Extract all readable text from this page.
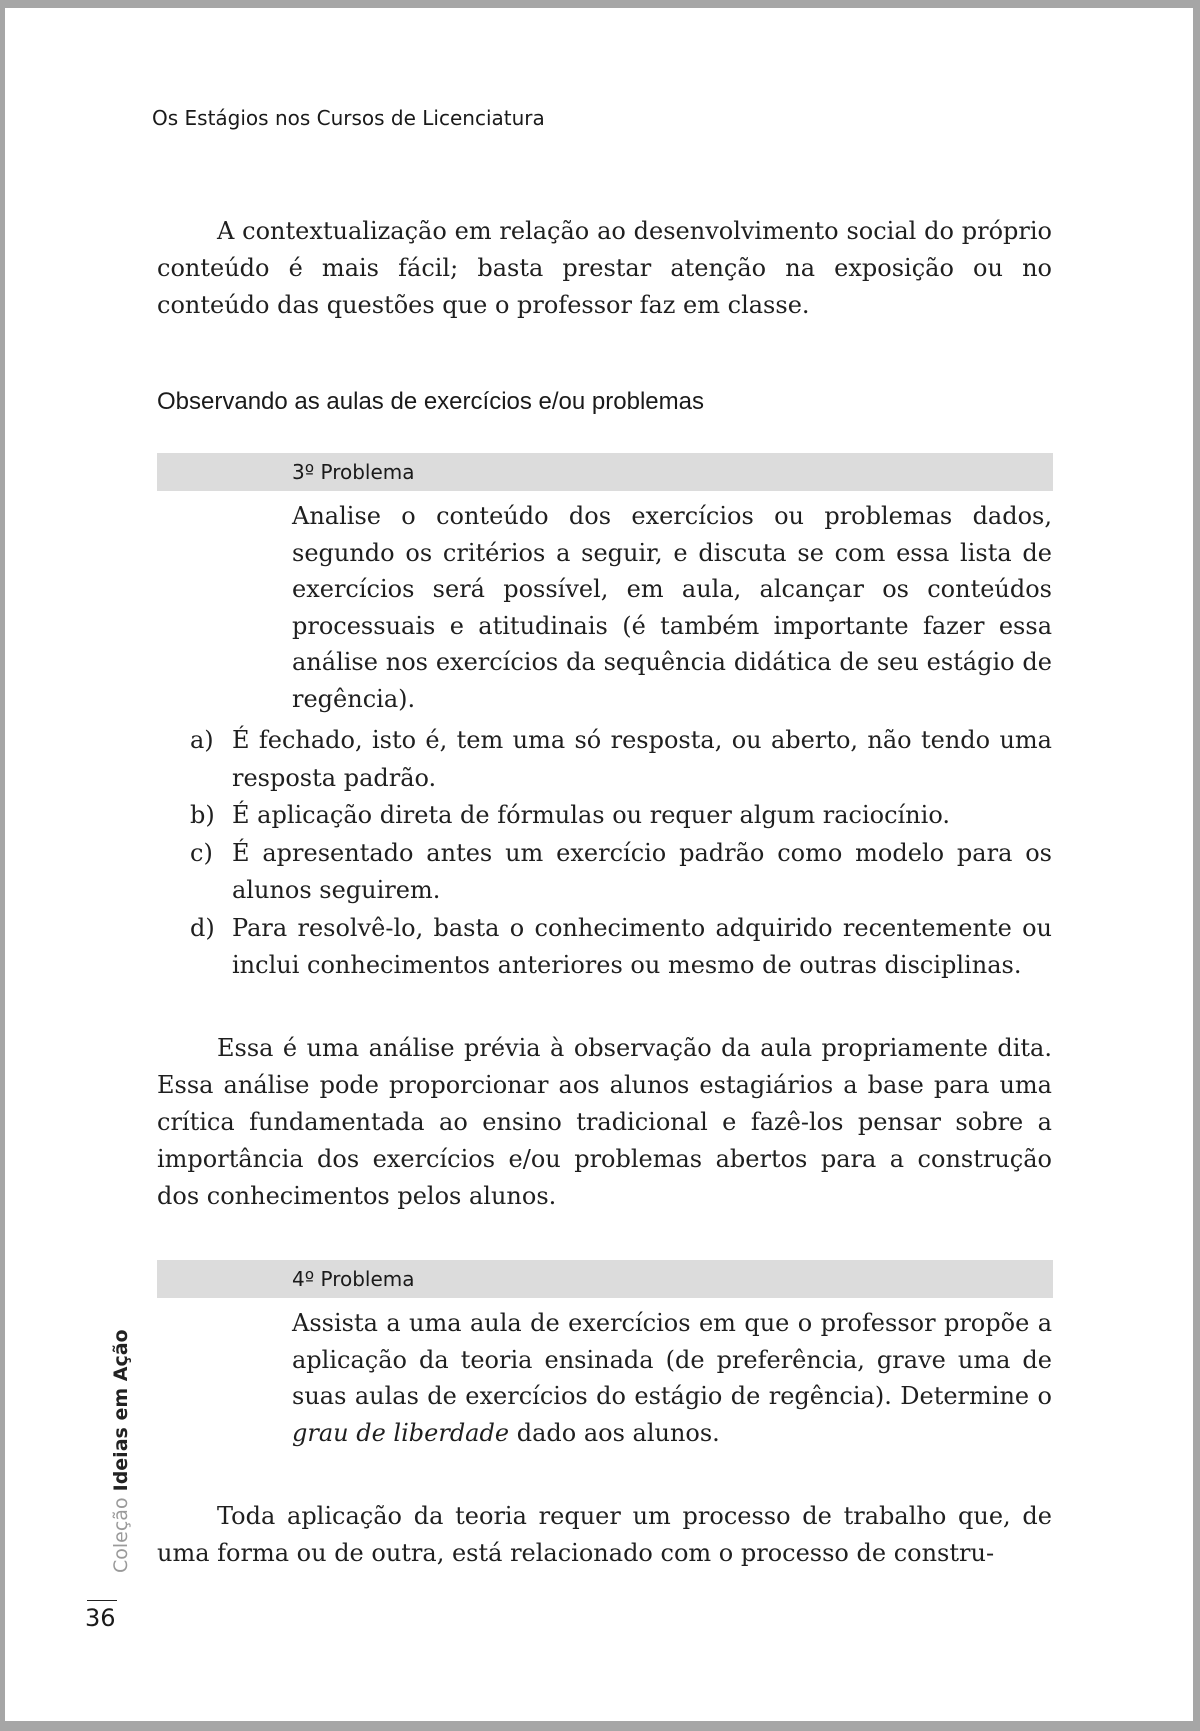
Os Estágios nos Cursos de Licenciatura

A contextualização em relação ao desenvolvimento social do próprio conteúdo é mais fácil; basta prestar atenção na exposição ou no conteúdo das questões que o professor faz em classe.

Observando as aulas de exercícios e/ou problemas
3º Problema

Analise o conteúdo dos exercícios ou problemas dados, segundo os critérios a seguir, e discuta se com essa lista de exercícios será possível, em aula, alcançar os conteúdos processuais e atitudinais (é também importante fazer essa análise nos exercícios da sequência didática de seu estágio de regência).

a) É fechado, isto é, tem uma só resposta, ou aberto, não tendo uma resposta padrão.
b) É aplicação direta de fórmulas ou requer algum raciocínio.
c) É apresentado antes um exercício padrão como modelo para os alunos seguirem.
d) Para resolvê-lo, basta o conhecimento adquirido recentemente ou inclui conhecimentos anteriores ou mesmo de outras disciplinas.

Essa é uma análise prévia à observação da aula propriamente dita. Essa análise pode proporcionar aos alunos estagiários a base para uma crítica fundamentada ao ensino tradicional e fazê-los pensar sobre a importância dos exercícios e/ou problemas abertos para a construção dos conhecimentos pelos alunos.

4º Problema

Assista a uma aula de exercícios em que o professor propõe a aplicação da teoria ensinada (de preferência, grave uma de suas aulas de exercícios do estágio de regência). Determine o grau de liberdade dado aos alunos.

Toda aplicação da teoria requer um processo de trabalho que, de uma forma ou de outra, está relacionado com o processo de constru-

Coleção Ideias em Ação
36
